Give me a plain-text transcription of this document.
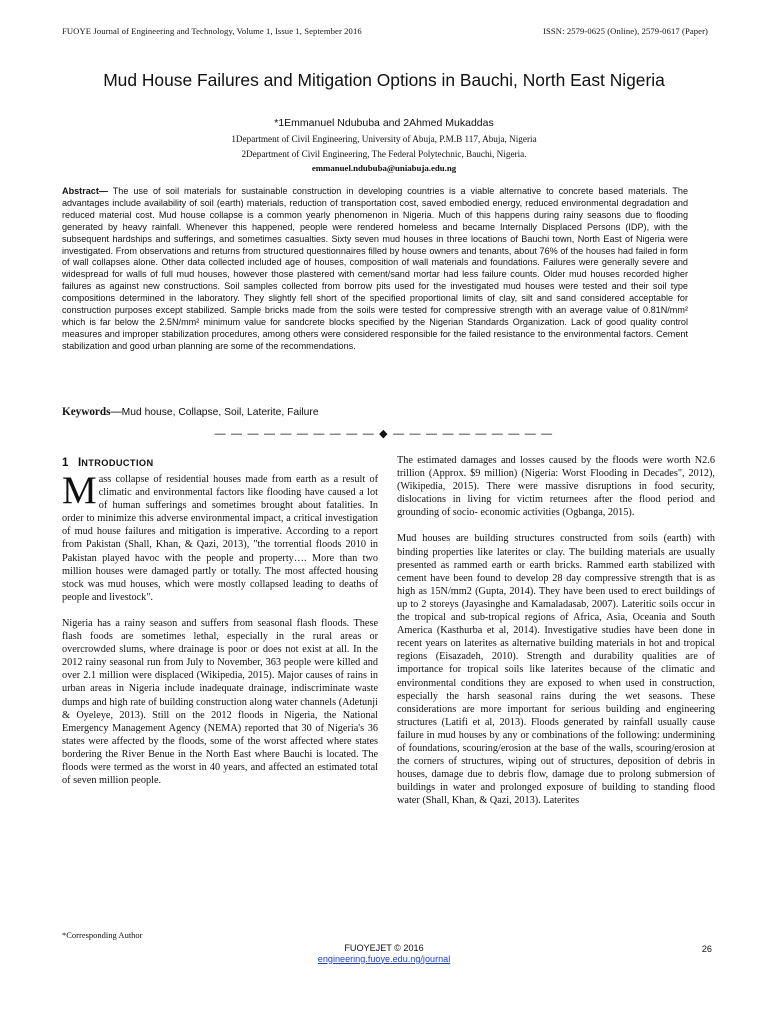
FUOYE Journal of Engineering and Technology, Volume 1, Issue 1, September 2016	ISSN: 2579-0625 (Online), 2579-0617 (Paper)
Mud House Failures and Mitigation Options in Bauchi, North East Nigeria
*1Emmanuel Ndububa and 2Ahmed Mukaddas
1Department of Civil Engineering, University of Abuja, P.M.B 117, Abuja, Nigeria
2Department of Civil Engineering, The Federal Polytechnic, Bauchi, Nigeria.
emmanuel.ndububa@uniabuja.edu.ng

Abstract— The use of soil materials for sustainable construction in developing countries is a viable alternative to concrete based materials. The advantages include availability of soil (earth) materials, reduction of transportation cost, saved embodied energy, reduced environmental degradation and reduced material cost. Mud house collapse is a common yearly phenomenon in Nigeria. Much of this happens during rainy seasons due to flooding generated by heavy rainfall. Whenever this happened, people were rendered homeless and became Internally Displaced Persons (IDP), with the subsequent hardships and sufferings, and sometimes casualties. Sixty seven mud houses in three locations of Bauchi town, North East of Nigeria were investigated. From observations and returns from structured questionnaires filled by house owners and tenants, about 76% of the houses had failed in form of wall collapses alone. Other data collected included age of houses, composition of wall materials and foundations. Failures were generally severe and widespread for walls of full mud houses, however those plastered with cement/sand mortar had less failure counts. Older mud houses recorded higher failures as against new constructions. Soil samples collected from borrow pits used for the investigated mud houses were tested and their soil type compositions determined in the laboratory. They slightly fell short of the specified proportional limits of clay, silt and sand considered acceptable for construction purposes except stabilized. Sample bricks made from the soils were tested for compressive strength with an average value of 0.81N/mm² which is far below the 2.5N/mm² minimum value for sandcrete blocks specified by the Nigerian Standards Organization. Lack of good quality control measures and improper stabilization procedures, among others were considered responsible for the failed resistance to the environmental factors. Cement stabilization and good urban planning are some of the recommendations.

Keywords—Mud house, Collapse, Soil, Laterite, Failure
— — — — — — — — — — ◆ — — — — — — — — — —
1 INTRODUCTION

Mass collapse of residential houses made from earth as a result of climatic and environmental factors like flooding have caused a lot of human sufferings and sometimes brought about fatalities. In order to minimize this adverse environmental impact, a critical investigation of mud house failures and mitigation is imperative. According to a report from Pakistan (Shall, Khan, & Qazi, 2013), "the torrential floods 2010 in Pakistan played havoc with the people and property…. More than two million houses were damaged partly or totally. The most affected housing stock was mud houses, which were mostly collapsed leading to deaths of people and livestock".

Nigeria has a rainy season and suffers from seasonal flash floods. These flash foods are sometimes lethal, especially in the rural areas or overcrowded slums, where drainage is poor or does not exist at all. In the 2012 rainy seasonal run from July to November, 363 people were killed and over 2.1 million were displaced (Wikipedia, 2015). Major causes of rains in urban areas in Nigeria include inadequate drainage, indiscriminate waste dumps and high rate of building construction along water channels (Adetunji & Oyeleye, 2013). Still on the 2012 floods in Nigeria, the National Emergency Management Agency (NEMA) reported that 30 of Nigeria's 36 states were affected by the floods, some of the worst affected where states bordering the River Benue in the North East where Bauchi is located. The floods were termed as the worst in 40 years, and affected an estimated total of seven million people.

The estimated damages and losses caused by the floods were worth N2.6 trillion (Approx. $9 million) (Nigeria: Worst Flooding in Decades", 2012), (Wikipedia, 2015). There were massive disruptions in food security, dislocations in living for victim returnees after the flood period and grounding of socio- economic activities (Ogbanga, 2015).

Mud houses are building structures constructed from soils (earth) with binding properties like laterites or clay. The building materials are usually presented as rammed earth or earth bricks. Rammed earth stabilized with cement have been found to develop 28 day compressive strength that is as high as 15N/mm2 (Gupta, 2014). They have been used to erect buildings of up to 2 storeys (Jayasinghe and Kamaladasab, 2007). Lateritic soils occur in the tropical and sub-tropical regions of Africa, Asia, Oceania and South America (Kasthurba et al, 2014). Investigative studies have been done in recent years on laterites as alternative building materials in hot and tropical regions (Eisazadeh, 2010). Strength and durability qualities are of importance for tropical soils like laterites because of the climatic and environmental conditions they are exposed to when used in construction, especially the harsh seasonal rains during the wet seasons. These considerations are more important for serious building and engineering structures (Latifi et al, 2013). Floods generated by rainfall usually cause failure in mud houses by any or combinations of the following: undermining of foundations, scouring/erosion at the base of the walls, scouring/erosion at the corners of structures, wiping out of structures, deposition of debris in houses, damage due to debris flow, damage due to prolong submersion of buildings in water and prolonged exposure of building to standing flood water (Shall, Khan, & Qazi, 2013). Laterites

*Corresponding Author
FUOYEJET © 2016
engineering.fuoye.edu.ng/journal
26
